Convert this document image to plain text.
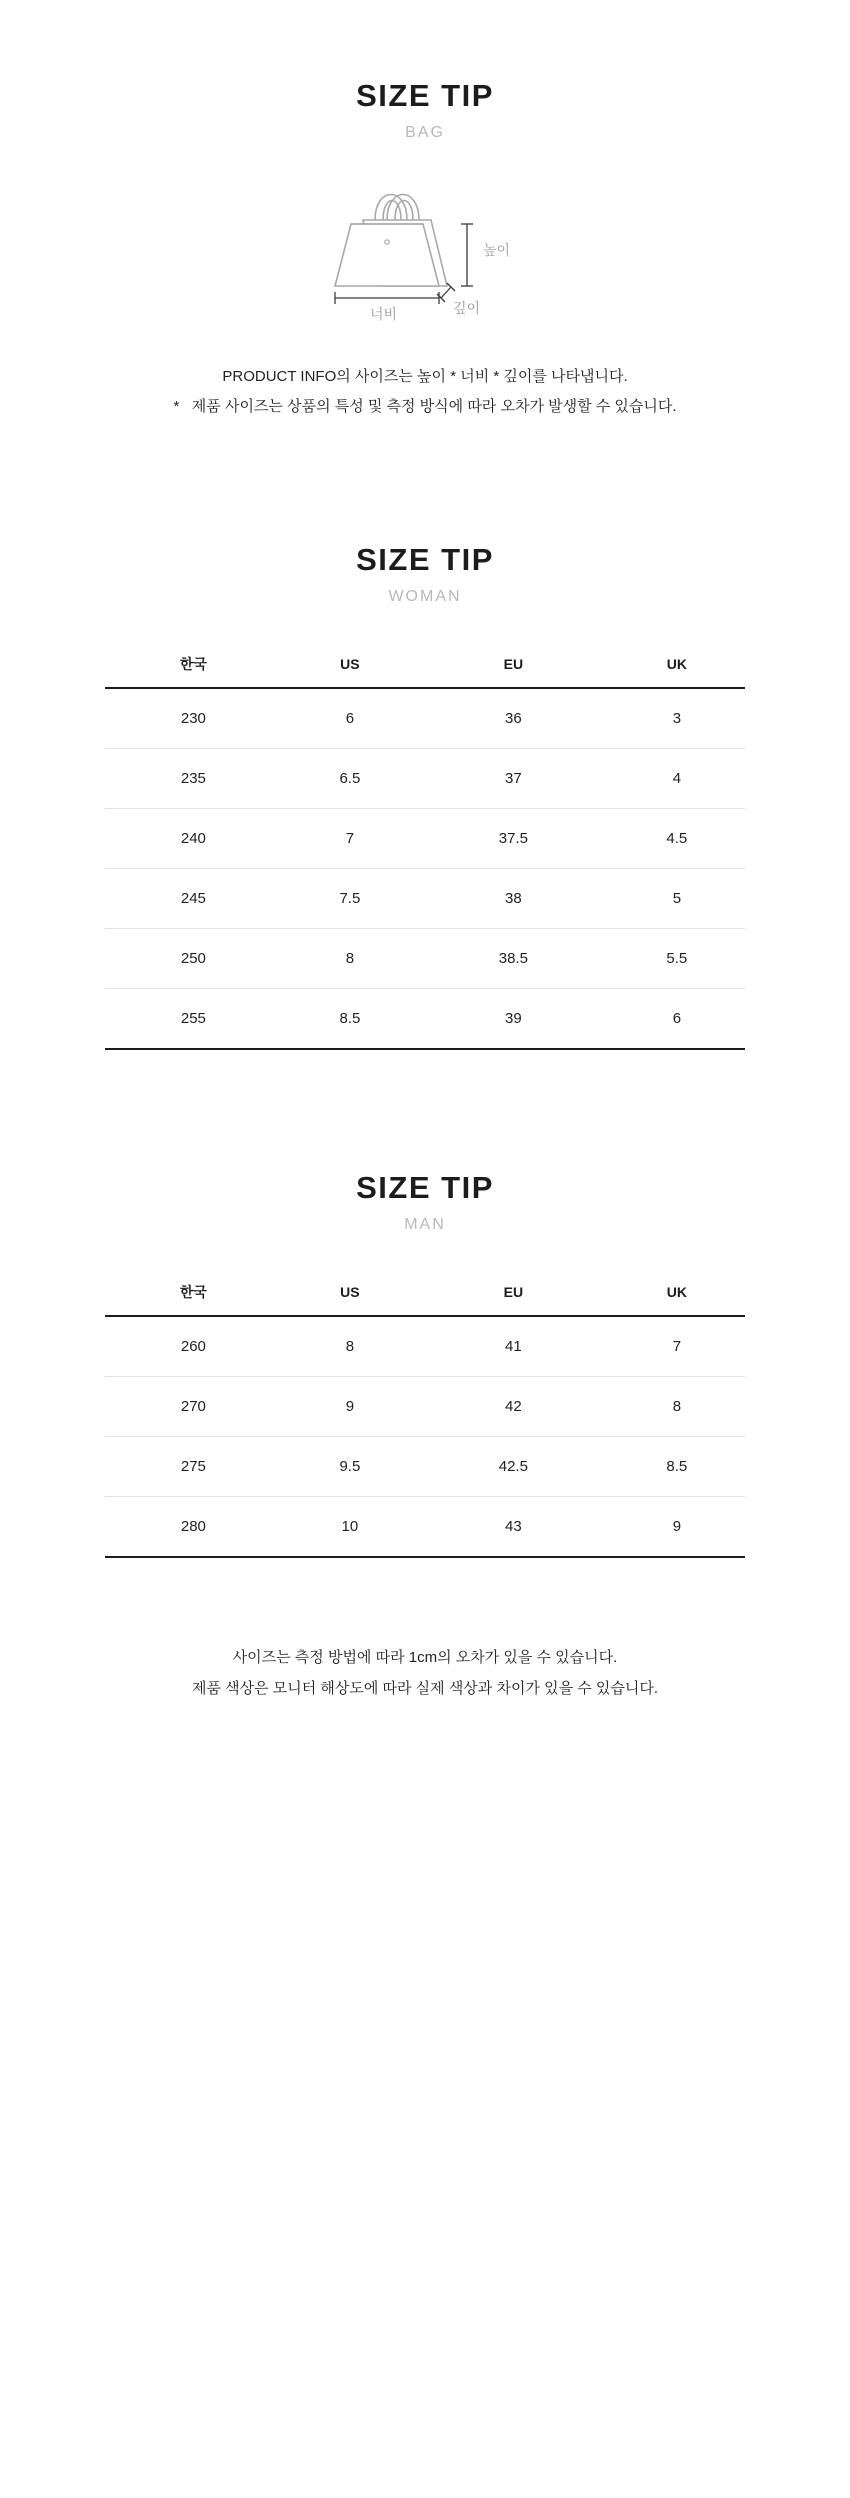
SIZE TIP
BAG
높이
너비	깊이
PRODUCT INFO의 사이즈는 높이 * 너비 * 깊이를 나타냅니다.
*   제품 사이즈는 상품의 특성 및 측정 방식에 따라 오차가 발생할 수 있습니다.
SIZE TIP
WOMAN
한국	US	EU	UK
230	6	36	3
235	6.5	37	4
240	7	37.5	4.5
245	7.5	38	5
250	8	38.5	5.5
255	8.5	39	6
SIZE TIP
MAN
한국	US	EU	UK
260	8	41	7
270	9	42	8
275	9.5	42.5	8.5
280	10	43	9
사이즈는 측정 방법에 따라 1cm의 오차가 있을 수 있습니다.
제품 색상은 모니터 해상도에 따라 실제 색상과 차이가 있을 수 있습니다.
